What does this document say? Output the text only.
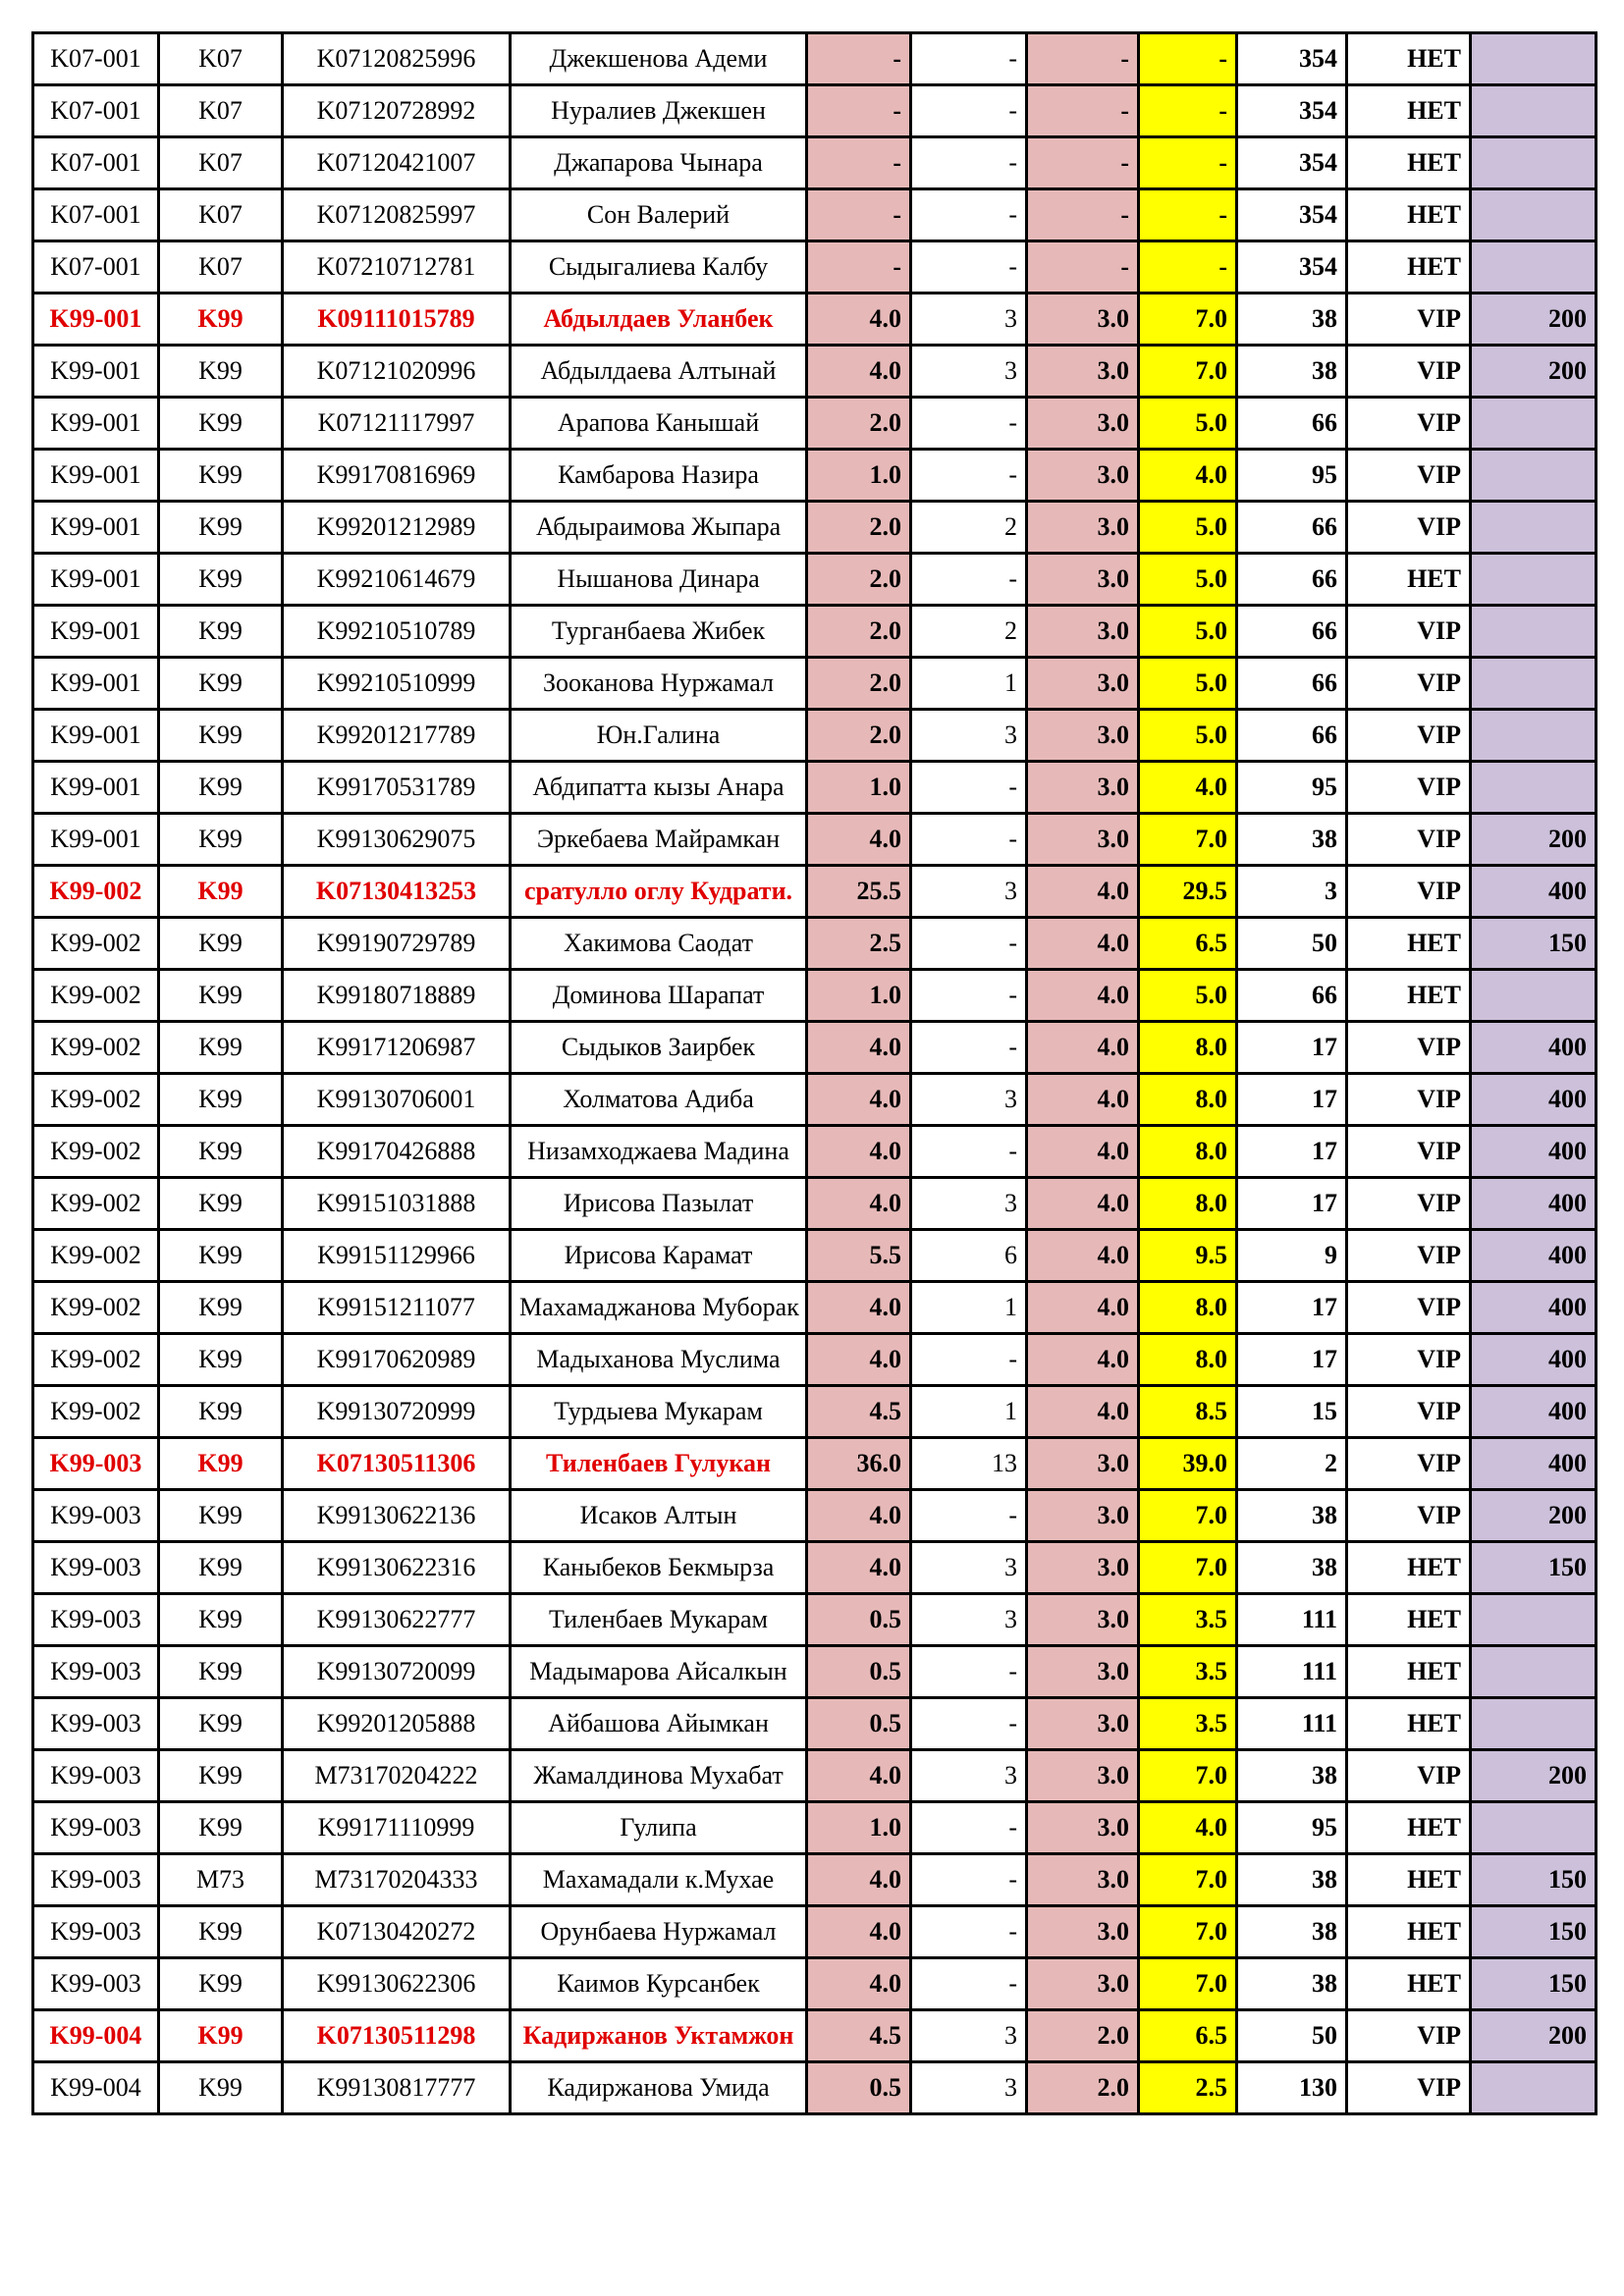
K07-001	K07	K07120825996	Джекшенова Адеми	-	-	-	-	354	НЕТ	
K07-001	K07	K07120728992	Нуралиев Джекшен	-	-	-	-	354	НЕТ	
K07-001	K07	K07120421007	Джапарова Чынара	-	-	-	-	354	НЕТ	
K07-001	K07	K07120825997	Сон Валерий	-	-	-	-	354	НЕТ	
K07-001	K07	K07210712781	Сыдыгалиева Калбу	-	-	-	-	354	НЕТ	
K99-001	K99	K09111015789	Абдылдаев Уланбек	4.0	3	3.0	7.0	38	VIP	200
K99-001	K99	K07121020996	Абдылдаева Алтынай	4.0	3	3.0	7.0	38	VIP	200
K99-001	K99	K07121117997	Арапова Канышай	2.0	-	3.0	5.0	66	VIP	
K99-001	K99	K99170816969	Камбарова Назира	1.0	-	3.0	4.0	95	VIP	
K99-001	K99	K99201212989	Абдыраимова Жыпара	2.0	2	3.0	5.0	66	VIP	
K99-001	K99	K99210614679	Нышанова Динара	2.0	-	3.0	5.0	66	НЕТ	
K99-001	K99	K99210510789	Турганбаева Жибек	2.0	2	3.0	5.0	66	VIP	
K99-001	K99	K99210510999	Зооканова Нуржамал	2.0	1	3.0	5.0	66	VIP	
K99-001	K99	K99201217789	Юн.Галина	2.0	3	3.0	5.0	66	VIP	
K99-001	K99	K99170531789	Абдипатта кызы Анара	1.0	-	3.0	4.0	95	VIP	
K99-001	K99	K99130629075	Эркебаева Майрамкан	4.0	-	3.0	7.0	38	VIP	200
K99-002	K99	K07130413253	сратулло оглу Кудрати.	25.5	3	4.0	29.5	3	VIP	400
K99-002	K99	K99190729789	Хакимова Саодат	2.5	-	4.0	6.5	50	НЕТ	150
K99-002	K99	K99180718889	Доминова Шарапат	1.0	-	4.0	5.0	66	НЕТ	
K99-002	K99	K99171206987	Сыдыков Заирбек	4.0	-	4.0	8.0	17	VIP	400
K99-002	K99	K99130706001	Холматова Адиба	4.0	3	4.0	8.0	17	VIP	400
K99-002	K99	K99170426888	Низамходжаева Мадина	4.0	-	4.0	8.0	17	VIP	400
K99-002	K99	K99151031888	Ирисова Пазылат	4.0	3	4.0	8.0	17	VIP	400
K99-002	K99	K99151129966	Ирисова Карамат	5.5	6	4.0	9.5	9	VIP	400
K99-002	K99	K99151211077	Махамаджанова Муборак	4.0	1	4.0	8.0	17	VIP	400
K99-002	K99	K99170620989	Мадыханова Муслима	4.0	-	4.0	8.0	17	VIP	400
K99-002	K99	K99130720999	Турдыева Мукарам	4.5	1	4.0	8.5	15	VIP	400
K99-003	K99	K07130511306	Тиленбаев Гулукан	36.0	13	3.0	39.0	2	VIP	400
K99-003	K99	K99130622136	Исаков Алтын	4.0	-	3.0	7.0	38	VIP	200
K99-003	K99	K99130622316	Каныбеков Бекмырза	4.0	3	3.0	7.0	38	НЕТ	150
K99-003	K99	K99130622777	Тиленбаев Мукарам	0.5	3	3.0	3.5	111	НЕТ	
K99-003	K99	K99130720099	Мадымарова Айсалкын	0.5	-	3.0	3.5	111	НЕТ	
K99-003	K99	K99201205888	Айбашова Айымкан	0.5	-	3.0	3.5	111	НЕТ	
K99-003	K99	M73170204222	Жамалдинова Мухабат	4.0	3	3.0	7.0	38	VIP	200
K99-003	K99	K99171110999	Гулипа	1.0	-	3.0	4.0	95	НЕТ	
K99-003	M73	M73170204333	Махамадали к.Мухае	4.0	-	3.0	7.0	38	НЕТ	150
K99-003	K99	K07130420272	Орунбаева Нуржамал	4.0	-	3.0	7.0	38	НЕТ	150
K99-003	K99	K99130622306	Каимов Курсанбек	4.0	-	3.0	7.0	38	НЕТ	150
K99-004	K99	K07130511298	Кадиржанов Уктамжон	4.5	3	2.0	6.5	50	VIP	200
K99-004	K99	K99130817777	Кадиржанова Умида	0.5	3	2.0	2.5	130	VIP	
